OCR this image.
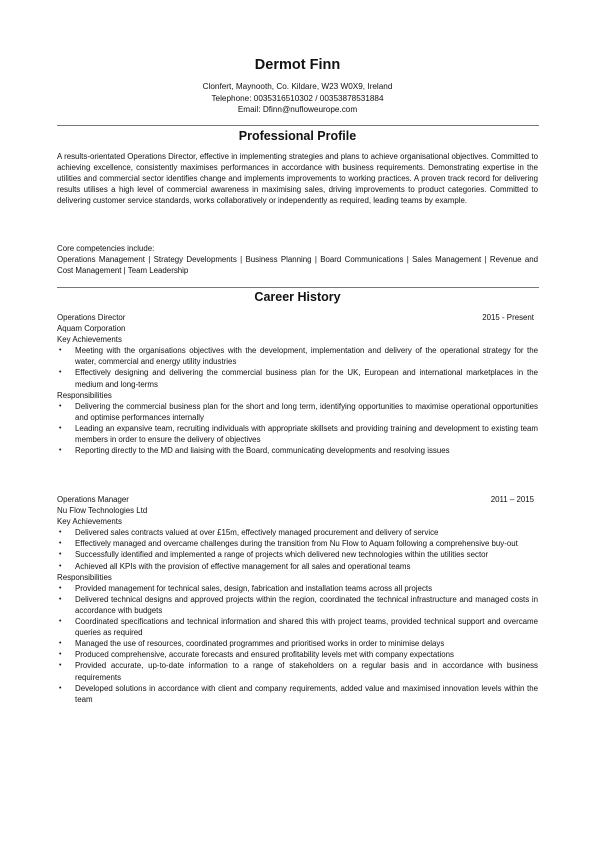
Dermot Finn
Clonfert, Maynooth, Co. Kildare, W23 W0X9, Ireland
Telephone: 0035316510302 / 00353878531884
Email: Dfinn@nufloweurope.com
Professional Profile
A results-orientated Operations Director, effective in implementing strategies and plans to achieve organisational objectives. Committed to achieving excellence, consistently maximises performances in accordance with business requirements. Demonstrating expertise in the utilities and commercial sector identifies change and implements improvements to working practices. A proven track record for delivering results utilises a high level of commercial awareness in maximising sales, driving improvements to product categories. Committed to delivering customer service standards, works collaboratively or independently as required, leading teams by example.
Core competencies include:
Operations Management | Strategy Developments | Business Planning | Board Communications | Sales Management | Revenue and Cost Management | Team Leadership
Career History
Operations Director	2015 - Present
Aquam Corporation
Key Achievements
• Meeting with the organisations objectives with the development, implementation and delivery of the operational strategy for the water, commercial and energy utility industries
• Effectively designing and delivering the commercial business plan for the UK, European and international marketplaces in the medium and long-terms
Responsibilities
• Delivering the commercial business plan for the short and long term, identifying opportunities to maximise operational opportunities and optimise performances internally
• Leading an expansive team, recruiting individuals with appropriate skillsets and providing training and development to existing team members in order to ensure the delivery of objectives
• Reporting directly to the MD and liaising with the Board, communicating developments and resolving issues
Operations Manager	2011 – 2015
Nu Flow Technologies Ltd
Key Achievements
• Delivered sales contracts valued at over £15m, effectively managed procurement and delivery of service
• Effectively managed and overcame challenges during the transition from Nu Flow to Aquam following a comprehensive buy-out
• Successfully identified and implemented a range of projects which delivered new technologies within the utilities sector
• Achieved all KPIs with the provision of effective management for all sales and operational teams
Responsibilities
• Provided management for technical sales, design, fabrication and installation teams across all projects
• Delivered technical designs and approved projects within the region, coordinated the technical infrastructure and managed costs in accordance with budgets
• Coordinated specifications and technical information and shared this with project teams, provided technical support and overcame queries as required
• Managed the use of resources, coordinated programmes and prioritised works in order to minimise delays
• Produced comprehensive, accurate forecasts and ensured profitability levels met with company expectations
• Provided accurate, up-to-date information to a range of stakeholders on a regular basis and in accordance with business requirements
• Developed solutions in accordance with client and company requirements, added value and maximised innovation levels within the team
